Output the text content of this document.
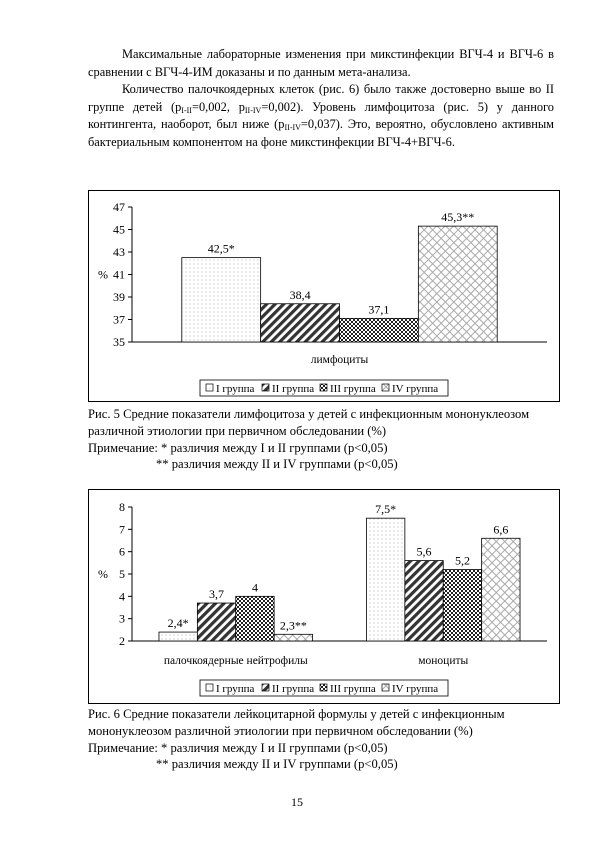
Максимальные лабораторные изменения при микстинфекции ВГЧ-4 и ВГЧ-6 в сравнении с ВГЧ-4-ИМ доказаны и по данным мета-анализа.

Количество палочкоядерных клеток (рис. 6) было также достоверно выше во II группе детей ($p_{I-II}=0,002$, $p_{II-IV}=0,002$). Уровень лимфоцитоза (рис. 5) у данного контингента, наоборот, был ниже $(p_{II-IV}=0,037)$. Это, вероятно, обусловлено активным бактериальным компонентом на фоне микстинфекции ВГЧ-4+ВГЧ-6.

35
37
39
41
43
45
47
%
42,5*
38,4
37,1
45,3**
лимфоциты
I группа II группа III группа IV группа

Рис. 5 Средние показатели лимфоцитоза у детей с инфекционным мононуклеозом различной этиологии при первичном обследовании (%)

Примечание: * различия между I и II группами (p<0,05)

** различия между II и IV группами (p<0,05)

2
3
4
5
6
7
8
%
2,4*
3,7 4
2,3**
палочкоядерные нейтрофилы
7,5*
5,6
5,2
6,6
моноциты
I группа II группа III группа IV группа

Рис. 6 Средние показатели лейкоцитарной формулы у детей с инфекционным мононуклеозом различной этиологии при первичном обследовании (%)

Примечание: * различия между I и II группами (p<0,05)

** различия между II и IV группами (p<0,05)

15
